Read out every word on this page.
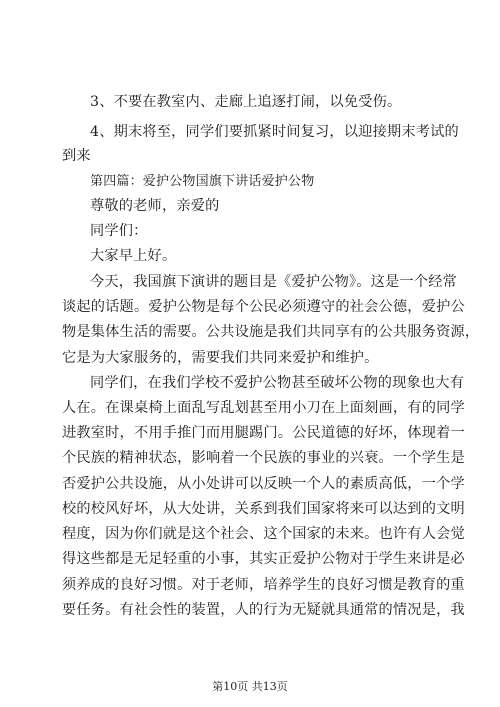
3、不要在教室内、走廊上追逐打闹，以免受伤。
4、期末将至，同学们要抓紧时间复习，以迎接期末考试的
到来
第四篇：爱护公物国旗下讲话爱护公物
尊敬的老师，亲爱的
同学们：
大家早上好。
今天，我国旗下演讲的题目是《爱护公物》。这是一个经常
谈起的话题。爱护公物是每个公民必须遵守的社会公德，爱护公
物是集体生活的需要。公共设施是我们共同享有的公共服务资源，
它是为大家服务的，需要我们共同来爱护和维护。
同学们，在我们学校不爱护公物甚至破坏公物的现象也大有
人在。在课桌椅上面乱写乱划甚至用小刀在上面刻画，有的同学
进教室时，不用手推门而用腿踢门。公民道德的好坏，体现着一
个民族的精神状态，影响着一个民族的事业的兴衰。一个学生是
否爱护公共设施，从小处讲可以反映一个人的素质高低，一个学
校的校风好坏，从大处讲，关系到我们国家将来可以达到的文明
程度，因为你们就是这个社会、这个国家的未来。也许有人会觉
得这些都是无足轻重的小事，其实正爱护公物对于学生来讲是必
须养成的良好习惯。对于老师，培养学生的良好习惯是教育的重
要任务。有社会性的装置，人的行为无疑就具通常的情况是，我
第10页 共13页
